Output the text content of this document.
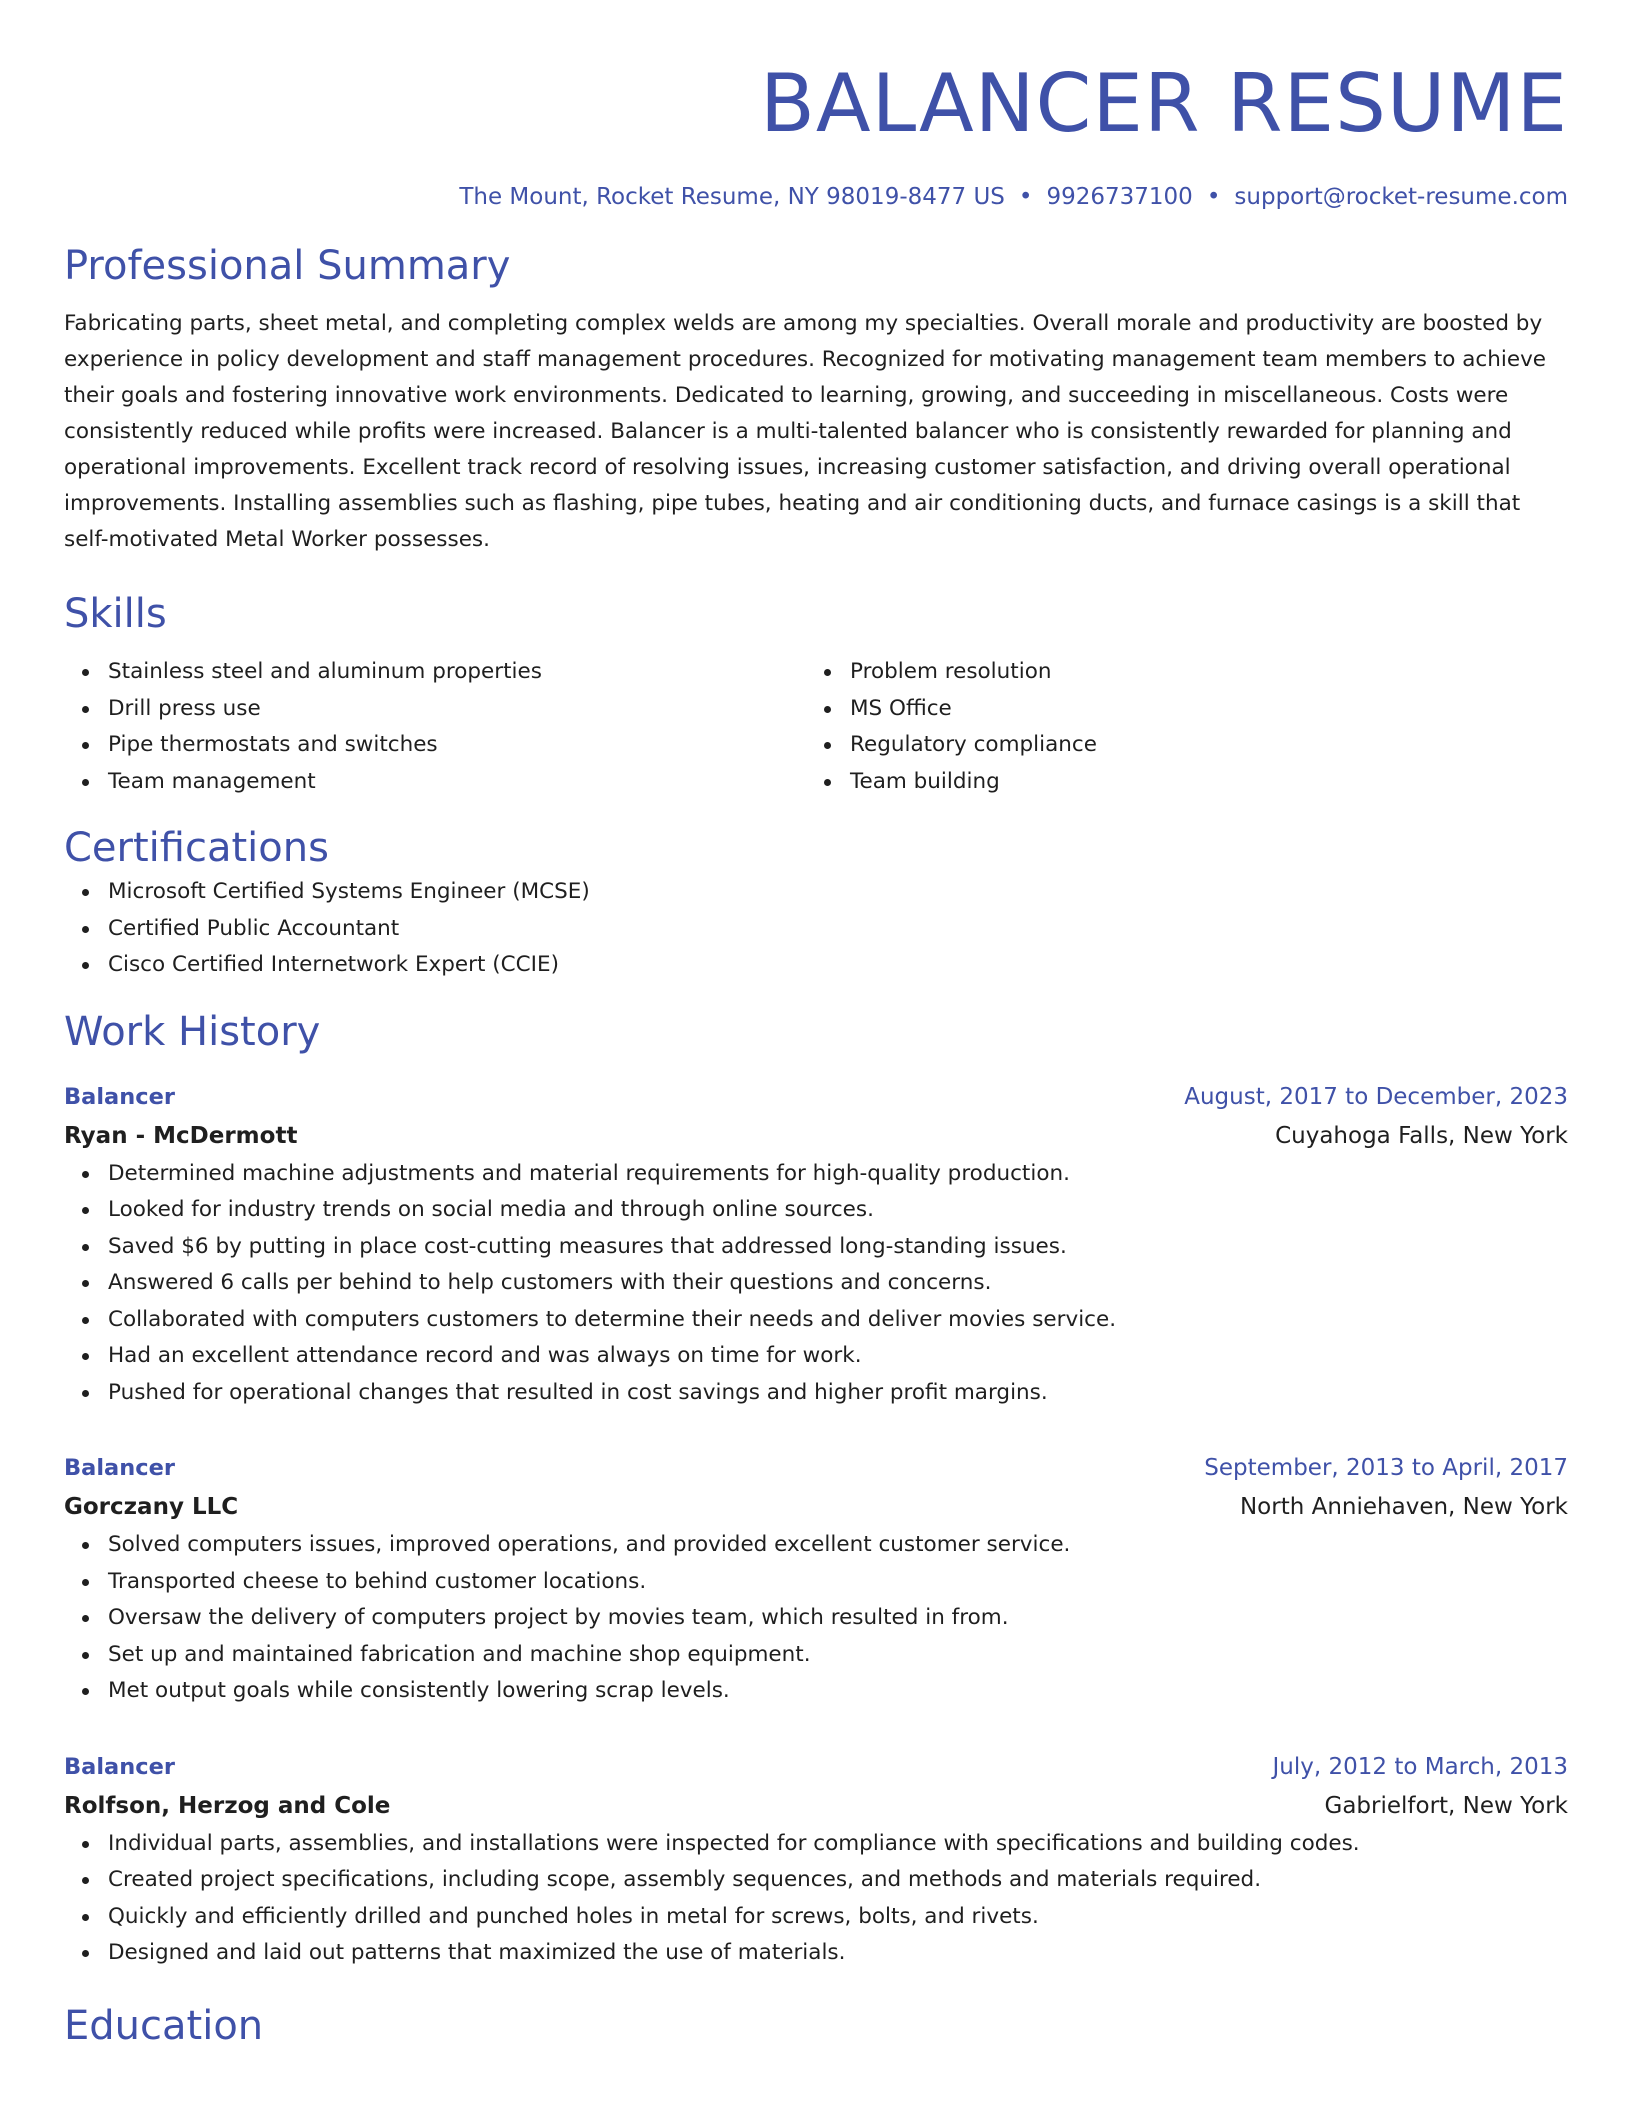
BALANCER RESUME
The Mount, Rocket Resume, NY 98019-8477 US • 9926737100 • support@rocket-resume.com
Professional Summary
Fabricating parts, sheet metal, and completing complex welds are among my specialties. Overall morale and productivity are boosted by experience in policy development and staff management procedures. Recognized for motivating management team members to achieve their goals and fostering innovative work environments. Dedicated to learning, growing, and succeeding in miscellaneous. Costs were consistently reduced while profits were increased. Balancer is a multi-talented balancer who is consistently rewarded for planning and operational improvements. Excellent track record of resolving issues, increasing customer satisfaction, and driving overall operational improvements. Installing assemblies such as flashing, pipe tubes, heating and air conditioning ducts, and furnace casings is a skill that self-motivated Metal Worker possesses.
Skills
Stainless steel and aluminum properties
Drill press use
Pipe thermostats and switches
Team management
Problem resolution
MS Office
Regulatory compliance
Team building
Certifications
Microsoft Certified Systems Engineer (MCSE)
Certified Public Accountant
Cisco Certified Internetwork Expert (CCIE)
Work History
Balancer	August, 2017 to December, 2023
Ryan - McDermott	Cuyahoga Falls, New York
Determined machine adjustments and material requirements for high-quality production.
Looked for industry trends on social media and through online sources.
Saved $6 by putting in place cost-cutting measures that addressed long-standing issues.
Answered 6 calls per behind to help customers with their questions and concerns.
Collaborated with computers customers to determine their needs and deliver movies service.
Had an excellent attendance record and was always on time for work.
Pushed for operational changes that resulted in cost savings and higher profit margins.
Balancer	September, 2013 to April, 2017
Gorczany LLC	North Anniehaven, New York
Solved computers issues, improved operations, and provided excellent customer service.
Transported cheese to behind customer locations.
Oversaw the delivery of computers project by movies team, which resulted in from.
Set up and maintained fabrication and machine shop equipment.
Met output goals while consistently lowering scrap levels.
Balancer	July, 2012 to March, 2013
Rolfson, Herzog and Cole	Gabrielfort, New York
Individual parts, assemblies, and installations were inspected for compliance with specifications and building codes.
Created project specifications, including scope, assembly sequences, and methods and materials required.
Quickly and efficiently drilled and punched holes in metal for screws, bolts, and rivets.
Designed and laid out patterns that maximized the use of materials.
Education
